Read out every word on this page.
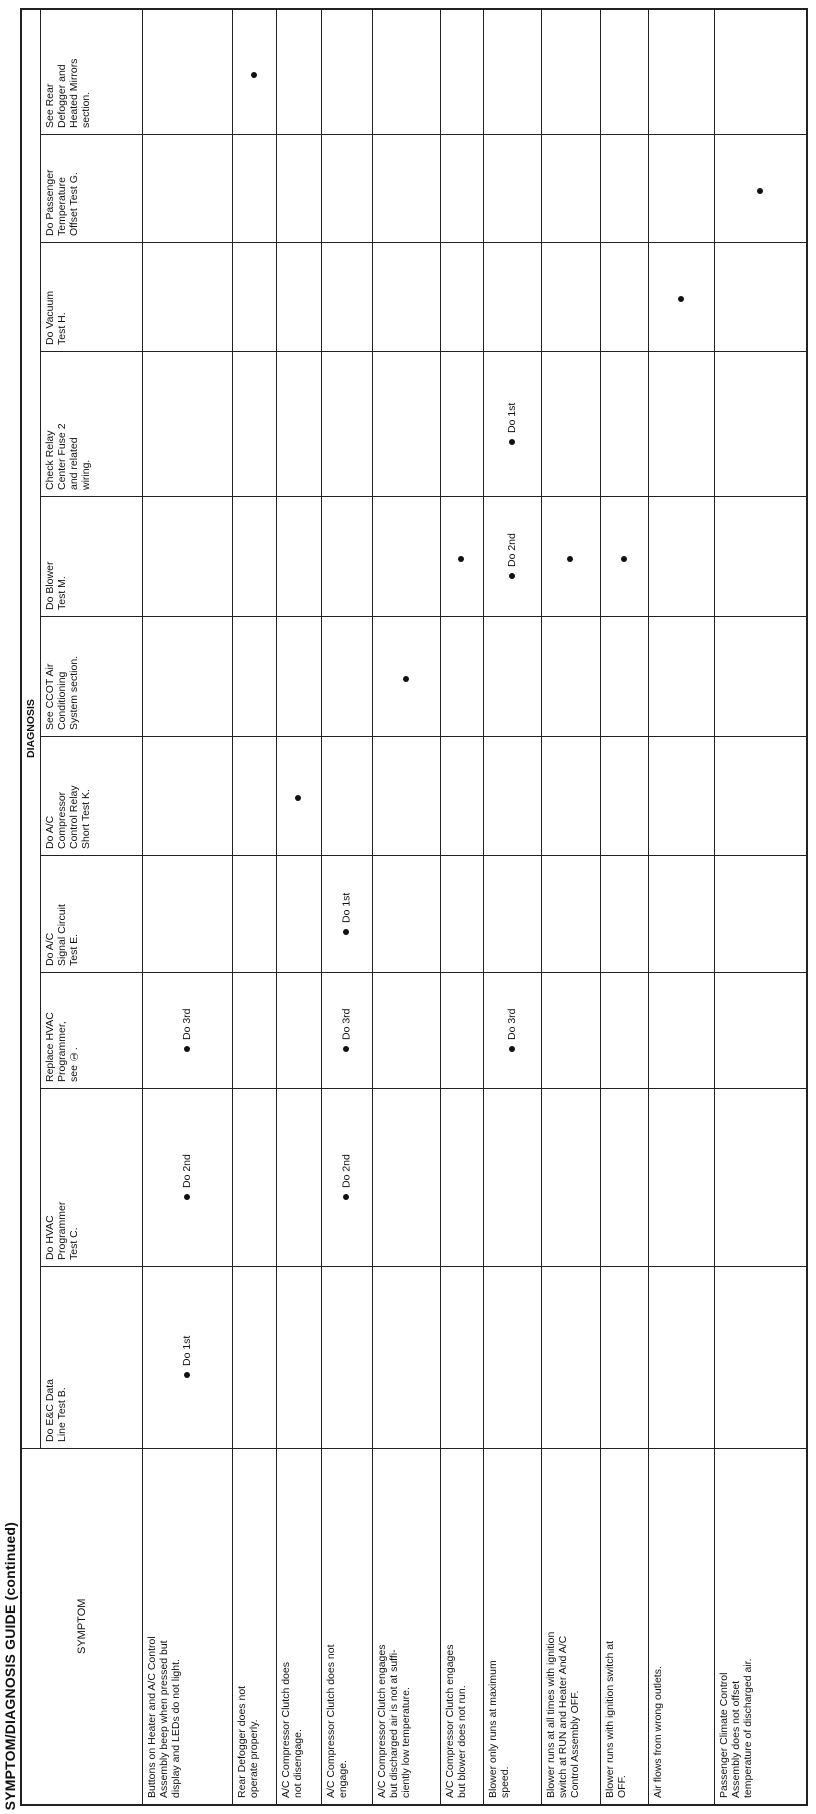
SYMPTOM/DIAGNOSIS GUIDE (continued)
DIAGNOSIS
SYMPTOM
Do E&C Data
Line Test B.
Do HVAC
Programmer
Test C.
Replace HVAC
Programmer,
see ①.
Do A/C
Signal Circuit
Test E.
Do A/C
Compressor
Control Relay
Short Test K.
See CCOT Air
Conditioning
System section.
Do Blower
Test M.
Check Relay
Center Fuse 2
and related
wiring.
Do Vacuum
Test H.
Do Passenger
Temperature
Offset Test G.
See Rear
Defogger and
Heated Mirrors
section.
Buttons on Heater and A/C Control
Assembly beep when pressed but
display and LEDs do not light.
Do 1st
Do 2nd
Do 3rd
Rear Defogger does not
operate properly.
A/C Compressor Clutch does
not disengage.
A/C Compressor Clutch does not
engage.
Do 2nd
Do 3rd
Do 1st
A/C Compressor Clutch engages
but discharged air is not at suffi-
ciently low temperature.
A/C Compressor Clutch engages
but blower does not run.
Blower only runs at maximum
speed.
Do 3rd
Do 2nd
Do 1st
Blower runs at all times with ignition
switch at RUN and Heater And A/C
Control Assembly OFF.
Blower runs with ignition switch at
OFF.	Air flows from wrong outlets.	Passenger Climate Control
Assembly does not offset
temperature of discharged air.
